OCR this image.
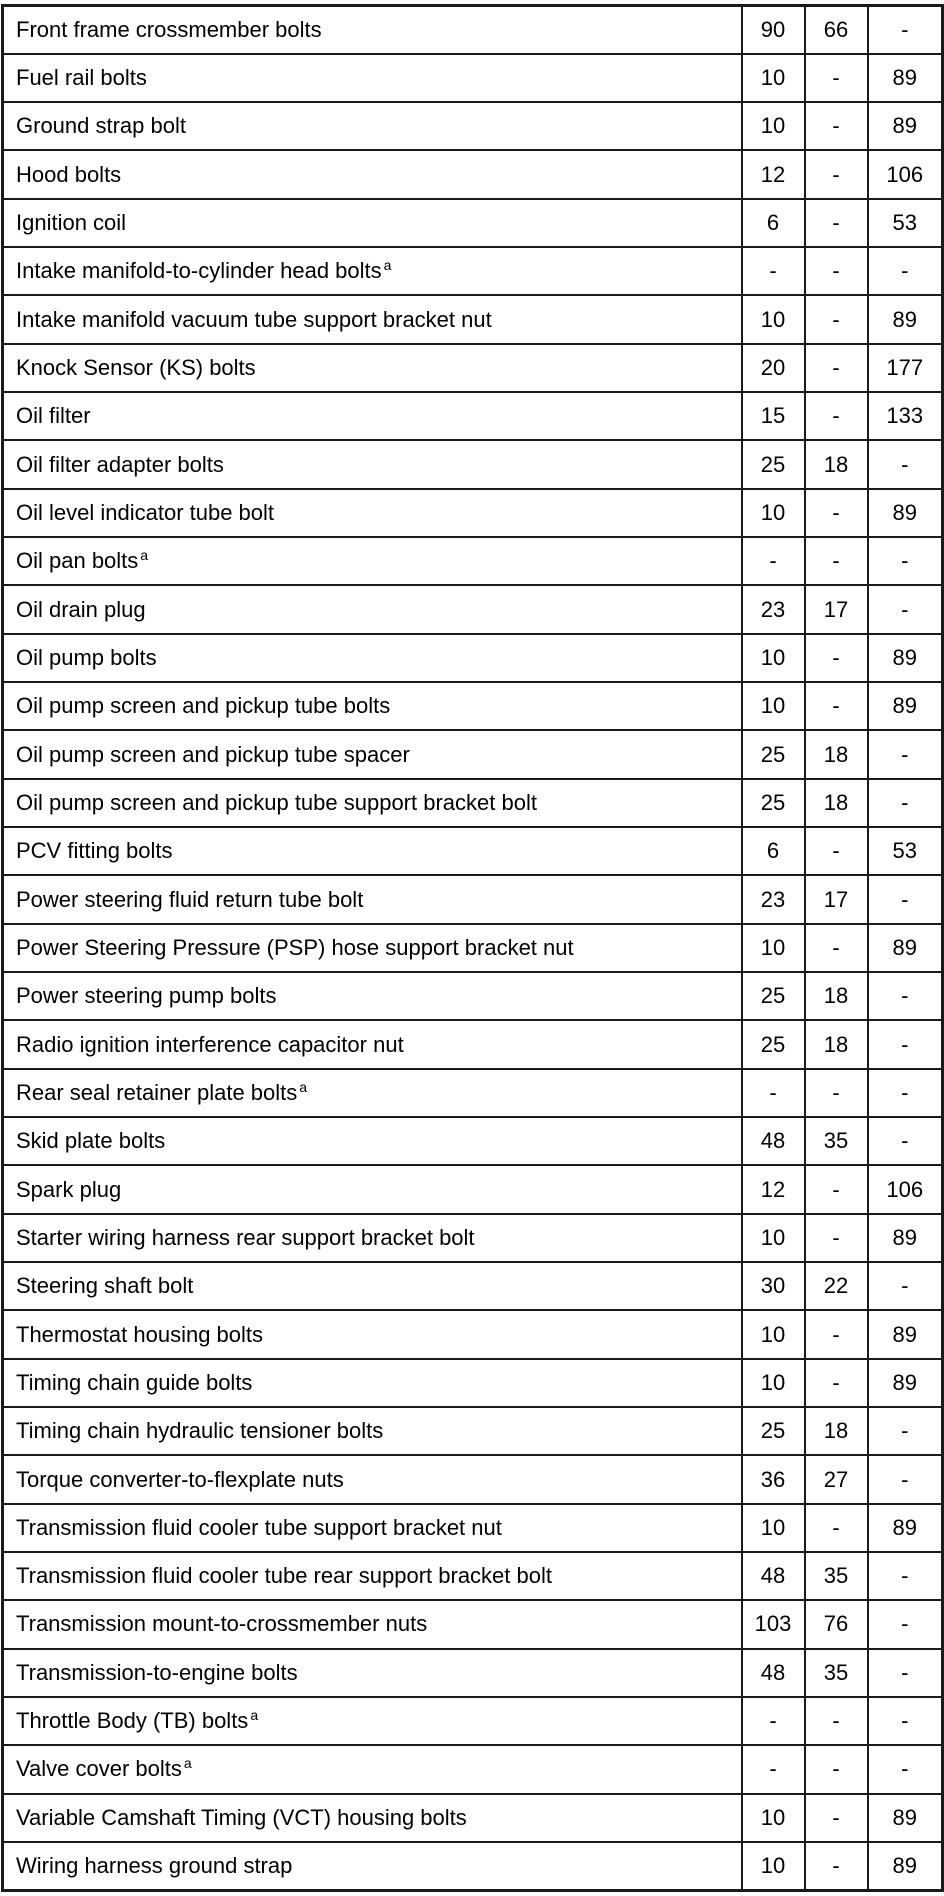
Front frame crossmember bolts	90	66	-
Fuel rail bolts	10	-	89
Ground strap bolt	10	-	89
Hood bolts	12	-	106
Ignition coil	6	-	53
Intake manifold-to-cylinder head bolts $^a$	-	-	-
Intake manifold vacuum tube support bracket nut	10	-	89
Knock Sensor (KS) bolts	20	-	177
Oil filter	15	-	133
Oil filter adapter bolts	25	18	-
Oil level indicator tube bolt	10	-	89
Oil pan bolts $^a$	-	-	-
Oil drain plug	23	17	-
Oil pump bolts	10	-	89
Oil pump screen and pickup tube bolts	10	-	89
Oil pump screen and pickup tube spacer	25	18	-
Oil pump screen and pickup tube support bracket bolt	25	18	-
PCV fitting bolts	6	-	53
Power steering fluid return tube bolt	23	17	-
Power Steering Pressure (PSP) hose support bracket nut	10	-	89
Power steering pump bolts	25	18	-
Radio ignition interference capacitor nut	25	18	-
Rear seal retainer plate bolts $^a$	-	-	-
Skid plate bolts	48	35	-
Spark plug	12	-	106
Starter wiring harness rear support bracket bolt	10	-	89
Steering shaft bolt	30	22	-
Thermostat housing bolts	10	-	89
Timing chain guide bolts	10	-	89
Timing chain hydraulic tensioner bolts	25	18	-
Torque converter-to-flexplate nuts	36	27	-
Transmission fluid cooler tube support bracket nut	10	-	89
Transmission fluid cooler tube rear support bracket bolt	48	35	-
Transmission mount-to-crossmember nuts	103	76	-
Transmission-to-engine bolts	48	35	-
Throttle Body (TB) bolts $^a$	-	-	-
Valve cover bolts $^a$	-	-	-
Variable Camshaft Timing (VCT) housing bolts	10	-	89
Wiring harness ground strap	10	-	89
